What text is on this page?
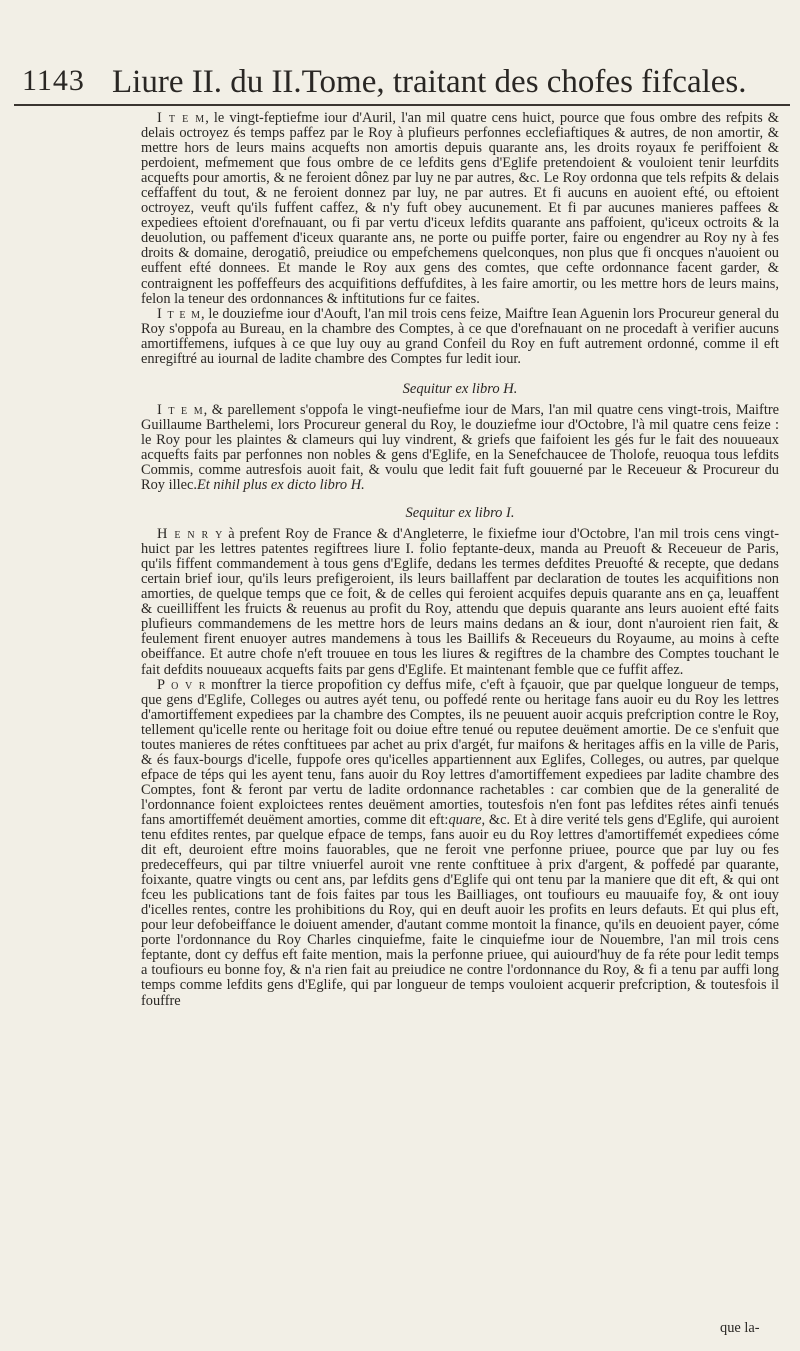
1143 Liure II. du II.Tome, traitant des chofes fifcales.

I t e m, le vingt-feptiefme iour d'Auril, l'an mil quatre cens huict, pource que fous ombre des refpits & delais octroyez és temps paffez par le Roy à plufieurs perfonnes ecclefiaftiques & autres, de non amortir, & mettre hors de leurs mains acquefts non amortis depuis quarante ans, les droits royaux fe periffoient & perdoient, mefmement que fous ombre de ce lefdits gens d'Eglife pretendoient & vouloient tenir leurfdits acquefts pour amortis, & ne feroient dônez par luy ne par autres, &c. Le Roy ordonna que tels refpits & delais ceffaffent du tout, & ne feroient donnez par luy, ne par autres. Et fi aucuns en auoient efté, ou eftoient octroyez, veuft qu'ils fuffent caffez, & n'y fuft obey aucunement. Et fi par aucunes manieres paffees & expediees eftoient d'orefnauant, ou fi par vertu d'iceux lefdits quarante ans paffoient, qu'iceux octroits & la deuolution, ou paffement d'iceux quarante ans, ne porte ou puiffe porter, faire ou engendrer au Roy ny à fes droits & domaine, derogatiô, preiudice ou empefchemens quelconques, non plus que fi oncques n'auoient ou euffent efté donnees. Et mande le Roy aux gens des comtes, que cefte ordonnance facent garder, & contraignent les poffeffeurs des acquifitions deffufdites, à les faire amortir, ou les mettre hors de leurs mains, felon la teneur des ordonnances & inftitutions fur ce faites.

I t e m, le douziefme iour d'Aouft, l'an mil trois cens feize, Maiftre Iean Aguenin lors Procureur general du Roy s'oppofa au Bureau, en la chambre des Comptes, à ce que d'orefnauant on ne procedaft à verifier aucuns amortiffemens, iufques à ce que luy ouy au grand Confeil du Roy en fuft autrement ordonné, comme il eft enregiftré au iournal de ladite chambre des Comptes fur ledit iour.

Sequitur ex libro H.

I t e m, & parellement s'oppofa le vingt-neufiefme iour de Mars, l'an mil quatre cens vingt-trois, Maiftre Guillaume Barthelemi, lors Procureur general du Roy, le douziefme iour d'Octobre, l'à mil quatre cens feize : le Roy pour les plaintes & clameurs qui luy vindrent, & griefs que faifoient les gés fur le fait des nouueaux acquefts faits par perfonnes non nobles & gens d'Eglife, en la Senefchaucee de Tholofe, reuoqua tous lefdits Commis, comme autresfois auoit fait, & voulu que ledit fait fuft gouuerné par le Receueur & Procureur du Roy illec.Et nihil plus ex dicto libro H.

Sequitur ex libro I.

H e n r y à prefent Roy de France & d'Angleterre, le fixiefme iour d'Octobre, l'an mil trois cens vingt-huict par les lettres patentes regiftrees liure I. folio feptante-deux, manda au Preuoft & Receueur de Paris, qu'ils fiffent commandement à tous gens d'Eglife, dedans les termes defdites Preuofté & recepte, que dedans certain brief iour, qu'ils leurs prefigeroient, ils leurs baillaffent par declaration de toutes les acquifitions non amorties, de quelque temps que ce foit, & de celles qui feroient acquifes depuis quarante ans en ça, leuaffent & cueilliffent les fruicts & reuenus au profit du Roy, attendu que depuis quarante ans leurs auoient efté faits plufieurs commandemens de les mettre hors de leurs mains dedans an & iour, dont n'auroient rien fait, & feulement firent enuoyer autres mandemens à tous les Baillifs & Receueurs du Royaume, au moins à cefte obeiffance. Et autre chofe n'eft trouuee en tous les liures & regiftres de la chambre des Comptes touchant le fait defdits nouueaux acquefts faits par gens d'Eglife. Et maintenant femble que ce fuffit affez.

P o v r monftrer la tierce propofition cy deffus mife, c'eft à fçauoir, que par quelque longueur de temps, que gens d'Eglife, Colleges ou autres ayét tenu, ou poffedé rente ou heritage fans auoir eu du Roy les lettres d'amortiffement expediees par la chambre des Comptes, ils ne peuuent auoir acquis prefcription contre le Roy, tellement qu'icelle rente ou heritage foit ou doiue eftre tenué ou reputee deuëment amortie. De ce s'enfuit que toutes manieres de rétes conftituees par achet au prix d'argét, fur maifons & heritages affis en la ville de Paris, & és faux-bourgs d'icelle, fuppofe ores qu'icelles appartiennent aux Eglifes, Colleges, ou autres, par quelque efpace de téps qui les ayent tenu, fans auoir du Roy lettres d'amortiffement expediees par ladite chambre des Comptes, font & feront par vertu de ladite ordonnance rachetables : car combien que de la generalité de l'ordonnance foient exploictees rentes deuëment amorties, toutesfois n'en font pas lefdites rétes ainfi tenués fans amortiffemét deuëment amorties, comme dit eft:quare, &c. Et à dire verité tels gens d'Eglife, qui auroient tenu efdites rentes, par quelque efpace de temps, fans auoir eu du Roy lettres d'amortiffemét expediees cóme dit eft, deuroient eftre moins fauorables, que ne feroit vne perfonne priuee, pource que par luy ou fes predeceffeurs, qui par tiltre vniuerfel auroit vne rente conftituee à prix d'argent, & poffedé par quarante, foixante, quatre vingts ou cent ans, par lefdits gens d'Eglife qui ont tenu par la maniere que dit eft, & qui ont fceu les publications tant de fois faites par tous les Bailliages, ont toufiours eu mauuaife foy, & ont iouy d'icelles rentes, contre les prohibitions du Roy, qui en deuft auoir les profits en leurs defauts. Et qui plus eft, pour leur defobeiffance le doiuent amender, d'autant comme montoit la finance, qu'ils en deuoient payer, cóme porte l'ordonnance du Roy Charles cinquiefme, faite le cinquiefme iour de Nouembre, l'an mil trois cens feptante, dont cy deffus eft faite mention, mais la perfonne priuee, qui auiourd'huy de fa réte pour ledit temps a toufiours eu bonne foy, & n'a rien fait au preiudice ne contre l'ordonnance du Roy, & fi a tenu par auffi long temps comme lefdits gens d'Eglife, qui par longueur de temps vouloient acquerir prefcription, & toutesfois il fouffre

que la-
